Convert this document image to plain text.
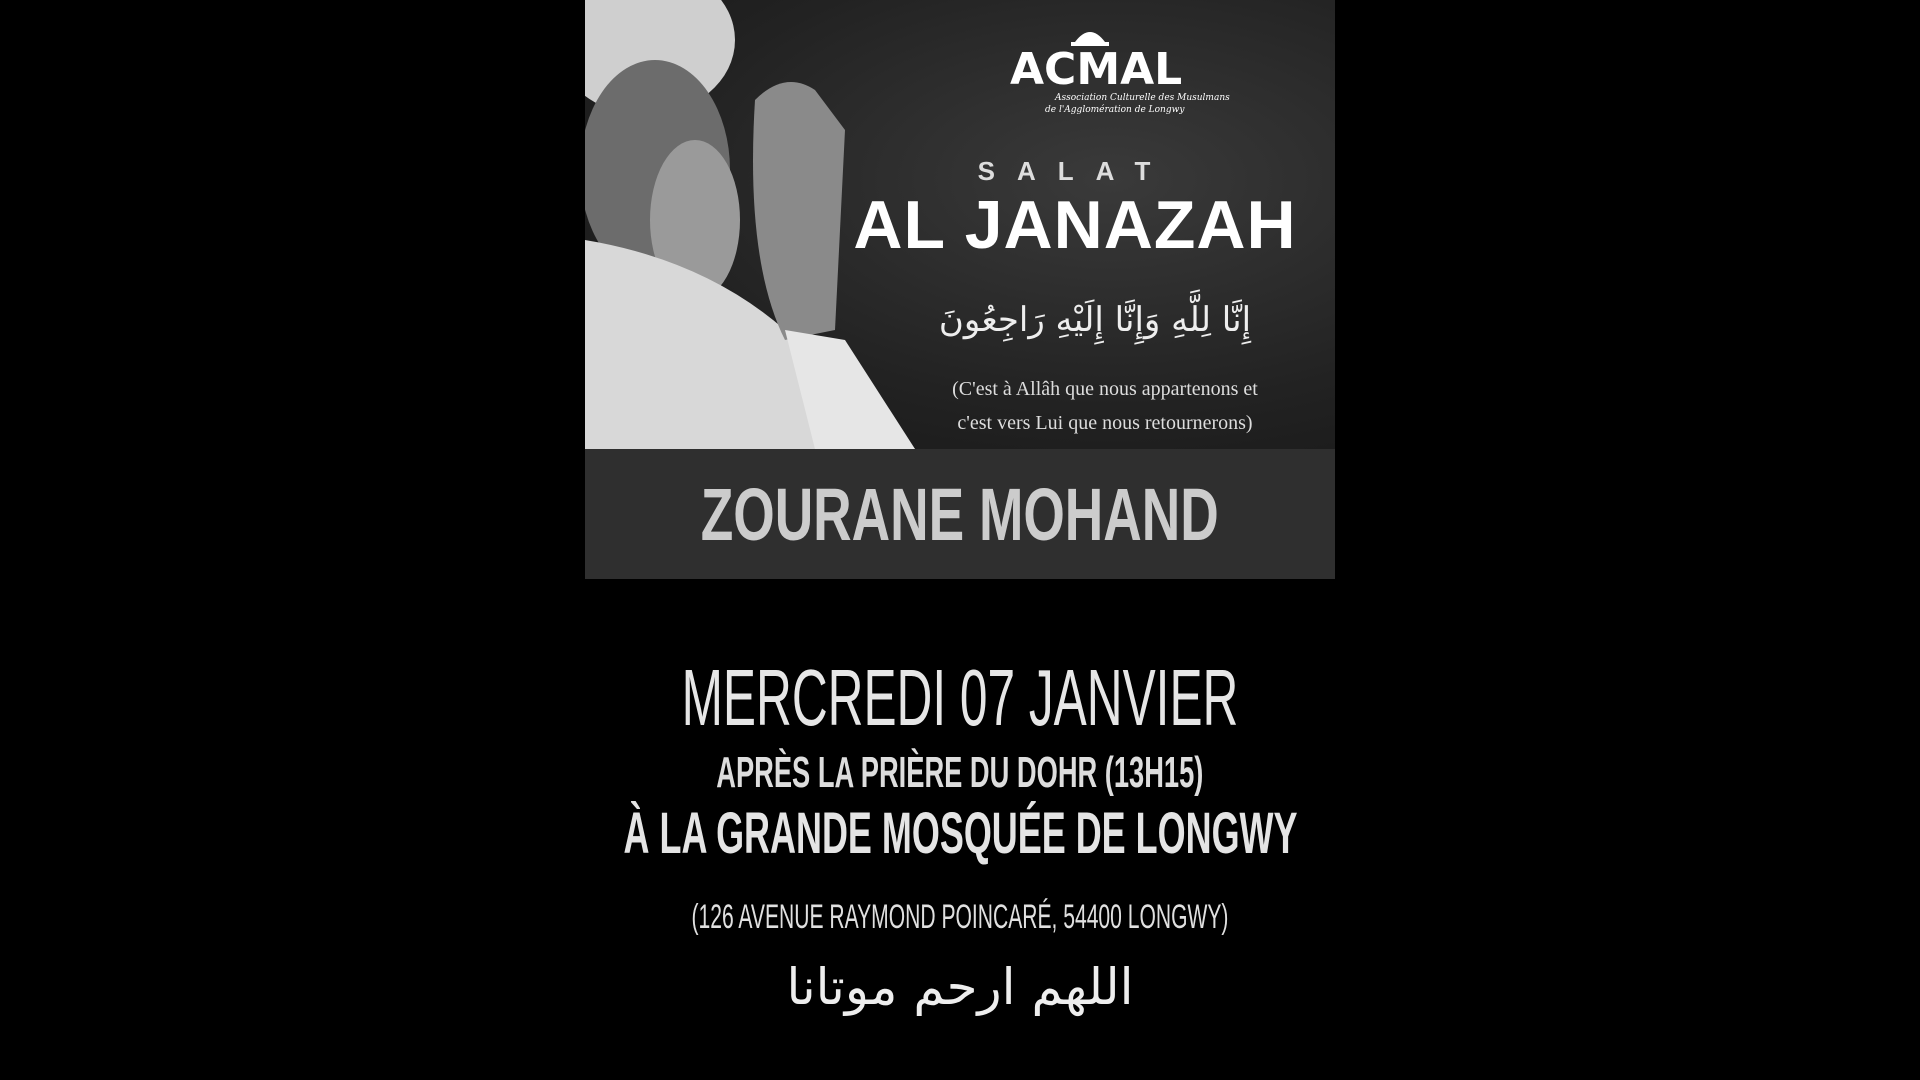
ACMAL
Association Culturelle des Musulmans
de l'Agglomération de Longwy
SALAT
AL JANAZAH
إِنَّا لِلَّهِ وَإِنَّا إِلَيْهِ رَاجِعُونَ
(C'est à Allâh que nous appartenons et
c'est vers Lui que nous retournerons)
ZOURANE MOHAND
MERCREDI 07 JANVIER
APRÈS LA PRIÈRE DU DOHR (13H15)
À LA GRANDE MOSQUÉE DE LONGWY
(126 AVENUE RAYMOND POINCARÉ, 54400 LONGWY)
اللهم ارحم موتانا
